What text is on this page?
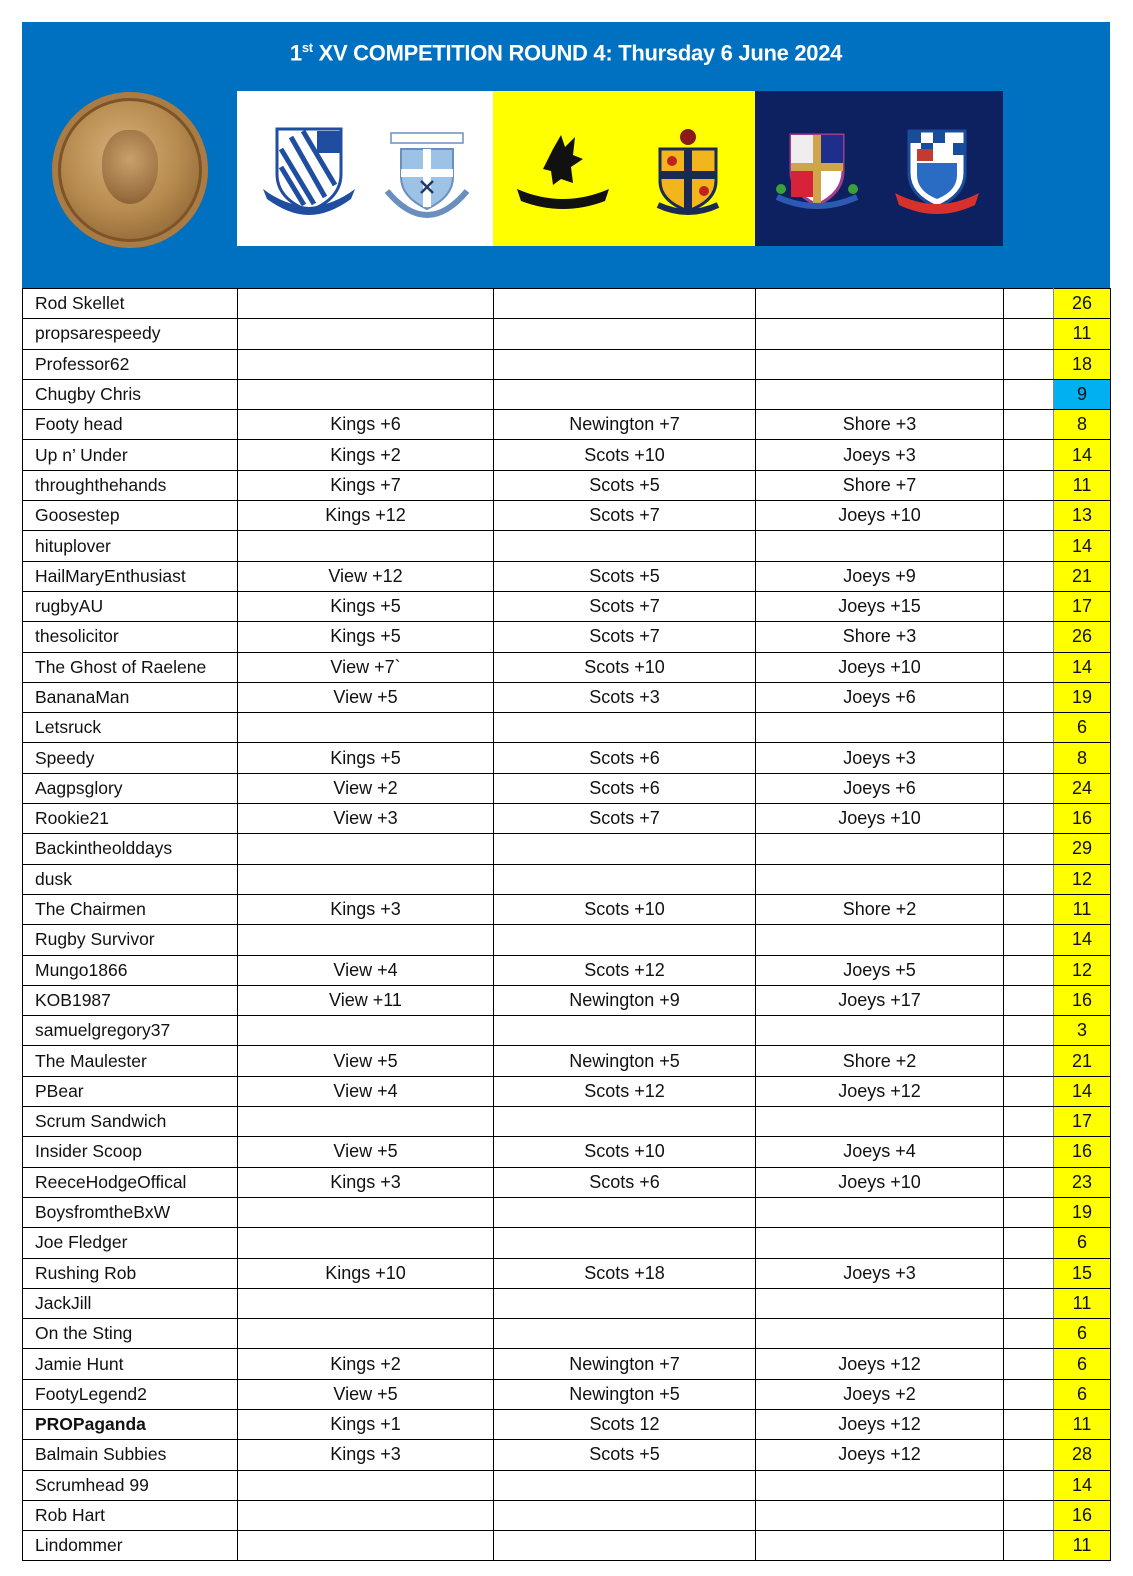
1st XV COMPETITION ROUND 4: Thursday 6 June 2024
Rod Skellet					26
propsarespeedy					11
Professor62					18
Chugby Chris					9
Footy head	Kings +6	Newington +7	Shore +3		8
Up n’ Under	Kings +2	Scots +10	Joeys +3		14
throughthehands	Kings +7	Scots +5	Shore +7		11
Goosestep	Kings +12	Scots +7	Joeys +10		13
hituplover					14
HailMaryEnthusiast	View +12	Scots +5	Joeys +9		21
rugbyAU	Kings +5	Scots +7	Joeys +15		17
thesolicitor	Kings +5	Scots +7	Shore +3		26
The Ghost of Raelene	View +7`	Scots +10	Joeys +10		14
BananaMan	View +5	Scots +3	Joeys +6		19
Letsruck					6
Speedy	Kings +5	Scots +6	Joeys +3		8
Aagpsglory	View +2	Scots +6	Joeys +6		24
Rookie21	View +3	Scots +7	Joeys +10		16
Backintheolddays					29
dusk					12
The Chairmen	Kings +3	Scots +10	Shore +2		11
Rugby Survivor					14
Mungo1866	View +4	Scots +12	Joeys +5		12
KOB1987	View +11	Newington +9	Joeys +17		16
samuelgregory37					3
The Maulester	View +5	Newington +5	Shore +2		21
PBear	View +4	Scots +12	Joeys +12		14
Scrum Sandwich					17
Insider Scoop	View +5	Scots +10	Joeys +4		16
ReeceHodgeOffical	Kings +3	Scots +6	Joeys +10		23
BoysfromtheBxW					19
Joe Fledger					6
Rushing Rob	Kings +10	Scots +18	Joeys +3		15
JackJill					11
On the Sting					6
Jamie Hunt	Kings +2	Newington +7	Joeys +12		6
FootyLegend2	View +5	Newington +5	Joeys +2		6
PROPaganda	Kings +1	Scots 12	Joeys +12		11
Balmain Subbies	Kings +3	Scots +5	Joeys +12		28
Scrumhead 99					14
Rob Hart					16
Lindommer					11
